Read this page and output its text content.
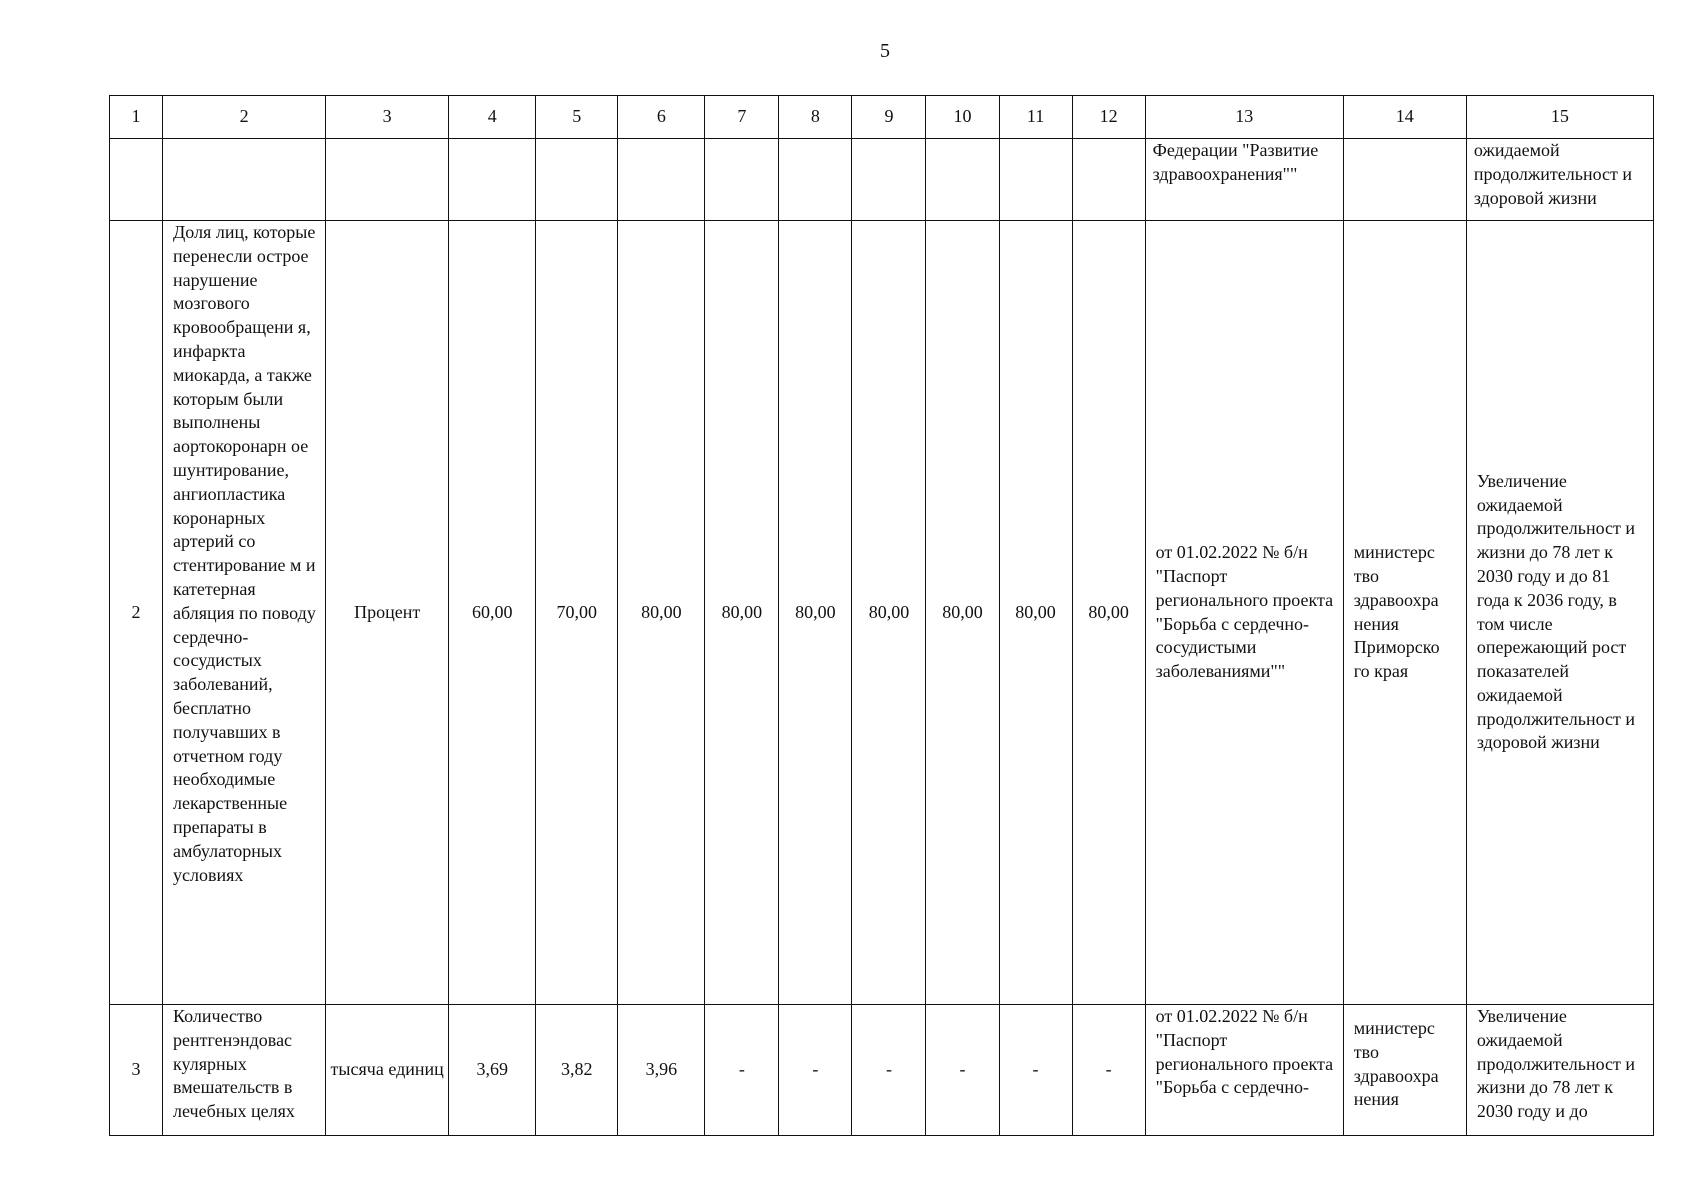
5
1	2	3	4	5	6	7	8	9	10	11	12	13	14	15
												Федерации "Развитие здравоохранения""		ожидаемой продолжительност и здоровой жизни
2	Доля лиц, которые перенесли острое нарушение мозгового кровообращени я, инфаркта миокарда, а также которым были выполнены аортокоронарн ое шунтирование, ангиопластика коронарных артерий со стентирование м и катетерная абляция по поводу сердечно-сосудистых заболеваний, бесплатно получавших в отчетном году необходимые лекарственные препараты в амбулаторных условиях	Процент	60,00	70,00	80,00	80,00	80,00	80,00	80,00	80,00	80,00	от 01.02.2022 № б/н "Паспорт регионального проекта "Борьба с сердечно-сосудистыми заболеваниями""	министерс тво здравоохра нения Приморско го края	Увеличение ожидаемой продолжительност и жизни до 78 лет к 2030 году и до 81 года к 2036 году, в том числе опережающий рост показателей ожидаемой продолжительност и здоровой жизни
3	Количество рентгенэндовас кулярных вмешательств в лечебных целях	тысяча единиц	3,69	3,82	3,96	-	-	-	-	-	-	от 01.02.2022 № б/н "Паспорт регионального проекта "Борьба с сердечно-	министерс тво здравоохра нения	Увеличение ожидаемой продолжительност и жизни до 78 лет к 2030 году и до
